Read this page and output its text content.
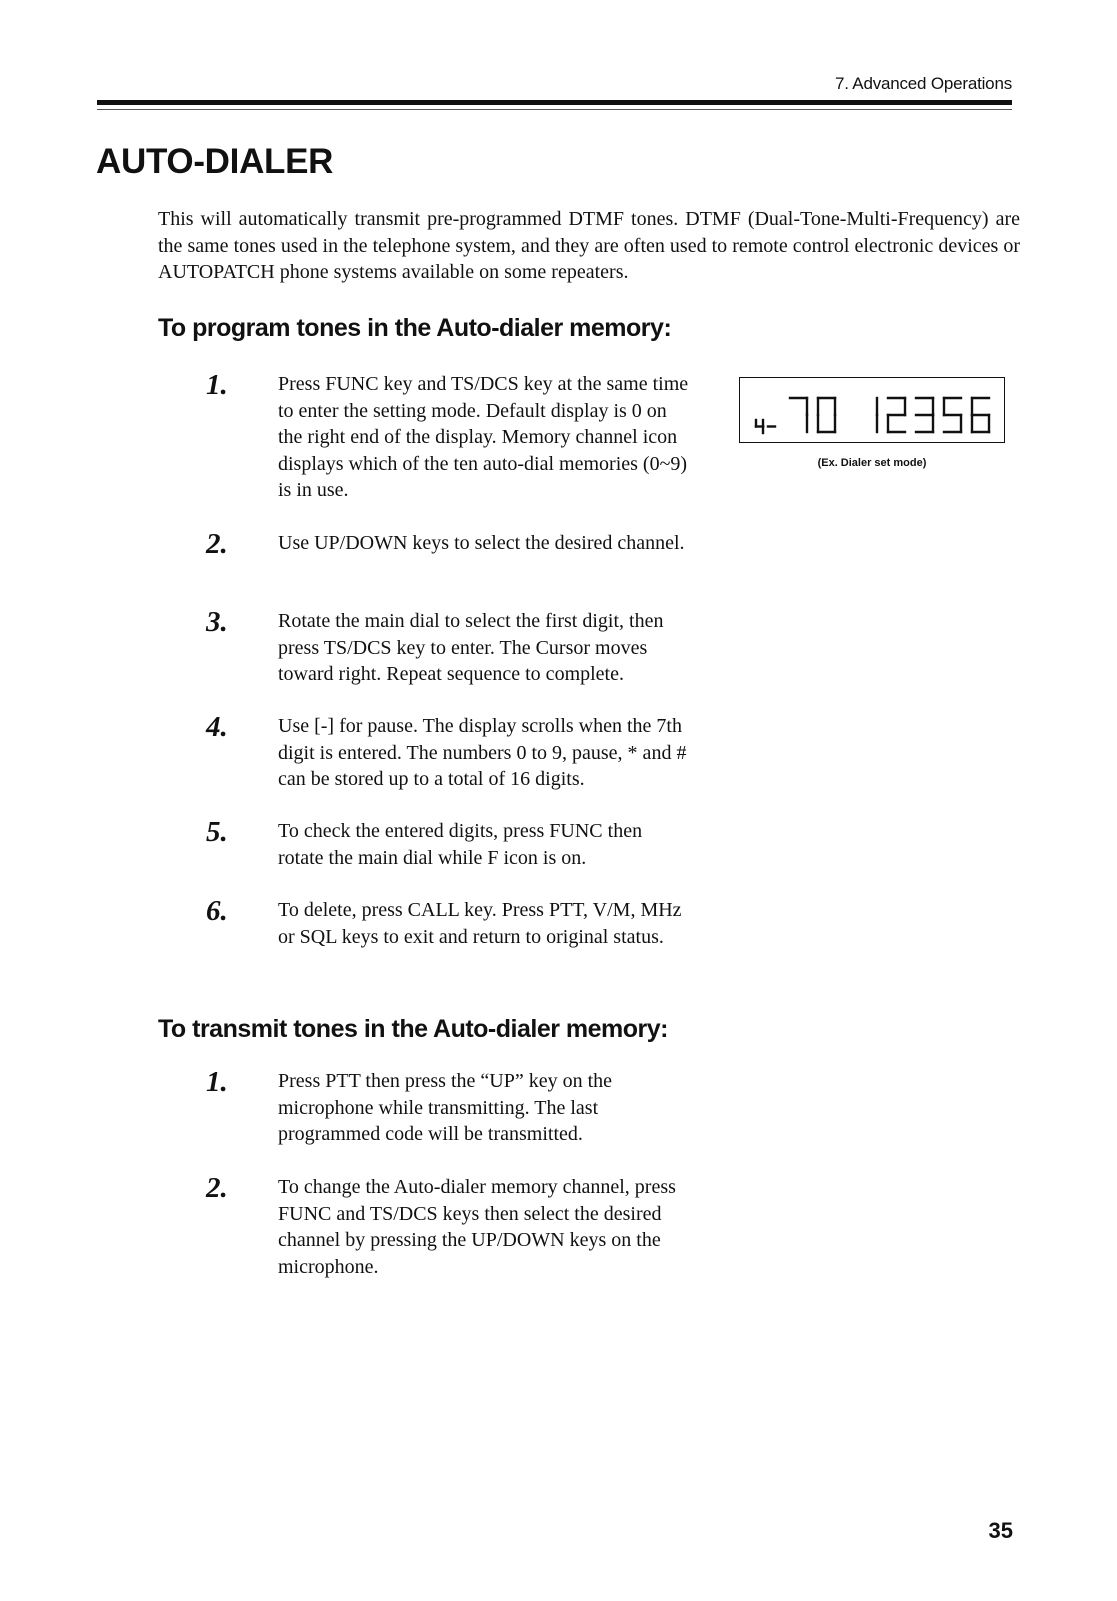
7. Advanced Operations
AUTO-DIALER

This will automatically transmit pre-programmed DTMF tones. DTMF (Dual-Tone-Multi-Frequency) are the same tones used in the telephone system, and they are often used to remote control electronic devices or AUTOPATCH phone systems available on some repeaters.

To program tones in the Auto-dialer memory:
1.	Press FUNC key and TS/DCS key at the same time to enter the setting mode. Default display is 0 on the right end of the display. Memory channel icon displays which of the ten auto-dial memories (0~9) is in use.

2.	Use UP/DOWN keys to select the desired channel.

3.	Rotate the main dial to select the first digit, then press TS/DCS key to enter. The Cursor moves toward right. Repeat sequence to complete.

4.	Use [-] for pause. The display scrolls when the 7th digit is entered. The numbers 0 to 9, pause, * and # can be stored up to a total of 16 digits.

5.	To check the entered digits, press FUNC then rotate the main dial while F icon is on.

6.	To delete, press CALL key. Press PTT, V/M, MHz or SQL keys to exit and return to original status.

(Ex. Dialer set mode)
To transmit tones in the Auto-dialer memory:
1.	Press PTT then press the “UP” key on the microphone while transmitting. The last programmed code will be transmitted.

2.	To change the Auto-dialer memory channel, press FUNC and TS/DCS keys then select the desired channel by pressing the UP/DOWN keys on the microphone.

35
